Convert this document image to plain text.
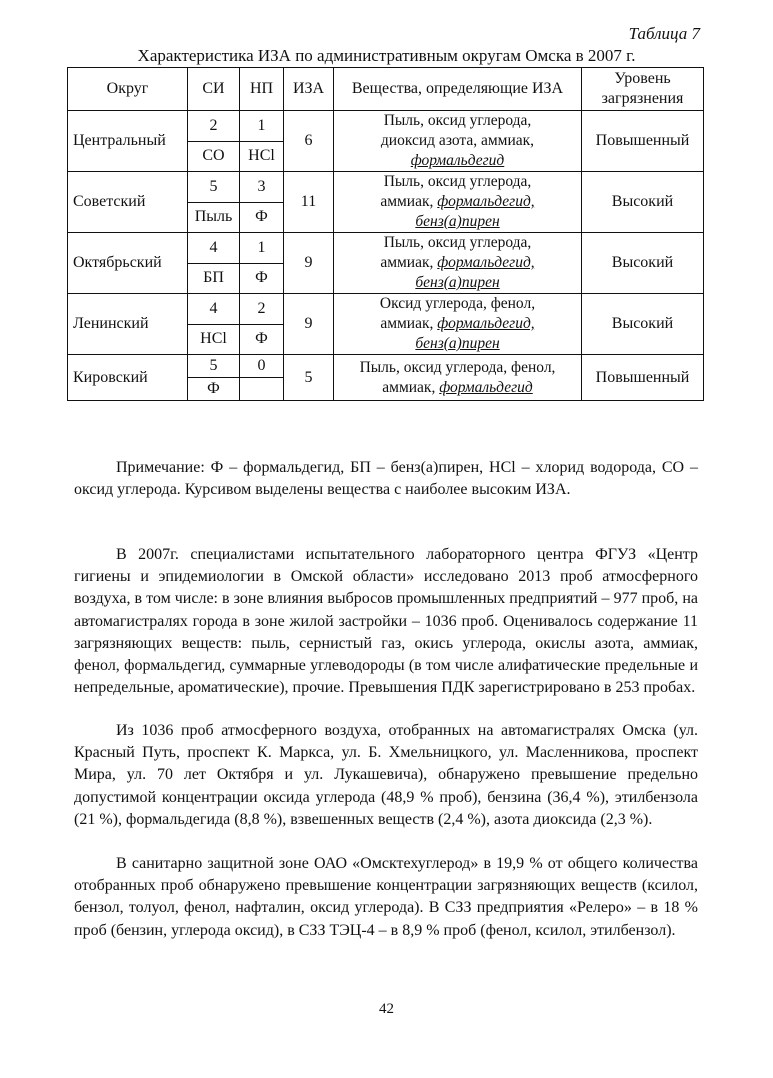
Таблица 7
Характеристика ИЗА по административным округам Омска в 2007 г.
Округ	СИ	НП	ИЗА	Вещества, определяющие ИЗА	Уровень загрязнения
Центральный	2	1	6	Пыль, оксид углерода,
диоксид азота, аммиак,
формальдегид	Повышенный
	CO	HCl			
Советский	5	3	11	Пыль, оксид углерода,
аммиак, формальдегид,
бенз(а)пирен	Высокий
	Пыль	Ф			
Октябрьский	4	1	9	Пыль, оксид углерода,
аммиак, формальдегид,
бенз(а)пирен	Высокий
	БП	Ф			
Ленинский	4	2	9	Оксид углерода, фенол,
аммиак, формальдегид,
бенз(а)пирен	Высокий
	HCl	Ф			
Кировский	5	0	5	Пыль, оксид углерода, фенол,
аммиак, формальдегид	Повышенный
	Ф				

Примечание: Ф – формальдегид, БП – бенз(а)пирен, HCl – хлорид водорода, CO – оксид углерода. Курсивом выделены вещества с наиболее высоким ИЗА.

В 2007г. специалистами испытательного лабораторного центра ФГУЗ «Центр гигиены и эпидемиологии в Омской области» исследовано 2013 проб атмосферного воздуха, в том числе: в зоне влияния выбросов промышленных предприятий – 977 проб, на автомагистралях города в зоне жилой застройки – 1036 проб. Оценивалось содержание 11 загрязняющих веществ: пыль, сернистый газ, окись углерода, окислы азота, аммиак, фенол, формальдегид, суммарные углеводороды (в том числе алифатические предельные и непредельные, ароматические), прочие. Превышения ПДК зарегистрировано в 253 пробах.

Из 1036 проб атмосферного воздуха, отобранных на автомагистралях Омска (ул. Красный Путь, проспект К. Маркса, ул. Б. Хмельницкого, ул. Масленникова, проспект Мира, ул. 70 лет Октября и ул. Лукашевича), обнаружено превышение предельно допустимой концентрации оксида углерода (48,9 % проб), бензина (36,4 %), этилбензола (21 %), формальдегида (8,8 %), взвешенных веществ (2,4 %), азота диоксида (2,3 %).

В санитарно защитной зоне ОАО «Омсктехуглерод» в 19,9 % от общего количества отобранных проб обнаружено превышение концентрации загрязняющих веществ (ксилол, бензол, толуол, фенол, нафталин, оксид углерода). В СЗЗ предприятия «Релеро» – в 18 % проб (бензин, углерода оксид), в СЗЗ ТЭЦ-4 – в 8,9 % проб (фенол, ксилол, этилбензол).

42
